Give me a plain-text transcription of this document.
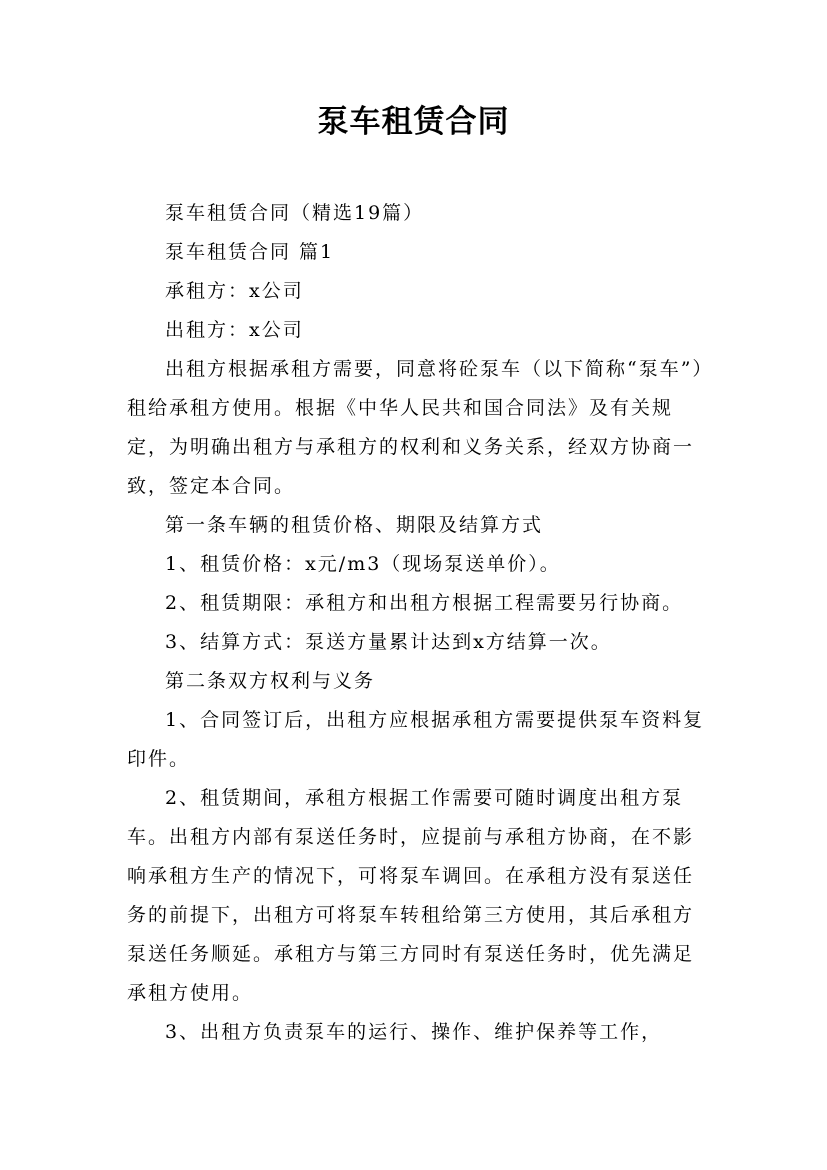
泵车租赁合同

泵车租赁合同（精选19篇）

泵车租赁合同 篇1

承租方：x公司

出租方：x公司

出租方根据承租方需要，同意将砼泵车（以下简称“泵车”）租给承租方使用。根据《中华人民共和国合同法》及有关规定，为明确出租方与承租方的权利和义务关系，经双方协商一致，签定本合同。

第一条车辆的租赁价格、期限及结算方式

1、租赁价格：x元/m3（现场泵送单价）。

2、租赁期限：承租方和出租方根据工程需要另行协商。

3、结算方式：泵送方量累计达到x方结算一次。

第二条双方权利与义务

1、合同签订后，出租方应根据承租方需要提供泵车资料复印件。

2、租赁期间，承租方根据工作需要可随时调度出租方泵车。出租方内部有泵送任务时，应提前与承租方协商，在不影响承租方生产的情况下，可将泵车调回。在承租方没有泵送任务的前提下，出租方可将泵车转租给第三方使用，其后承租方泵送任务顺延。承租方与第三方同时有泵送任务时，优先满足承租方使用。

3、出租方负责泵车的运行、操作、维护保养等工作，
